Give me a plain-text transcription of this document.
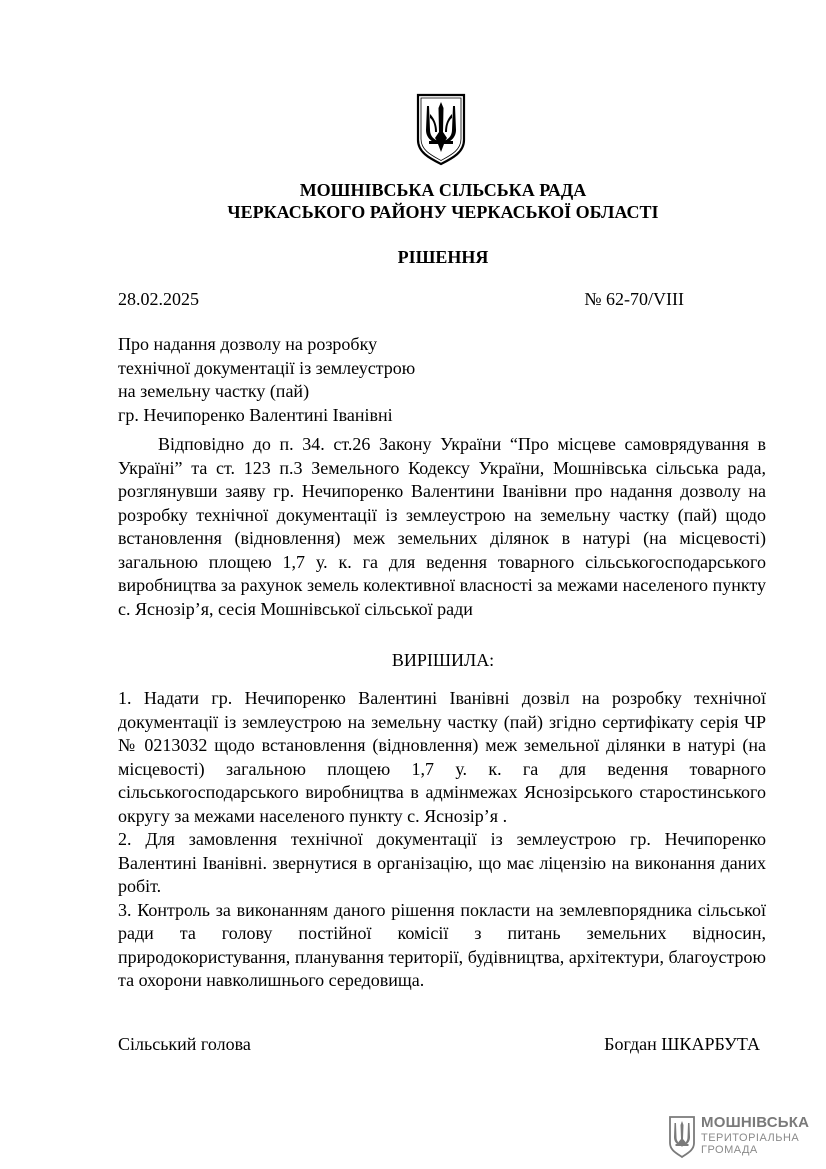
МОШНІВСЬКА СІЛЬСЬКА РАДА
ЧЕРКАСЬКОГО РАЙОНУ ЧЕРКАСЬКОЇ ОБЛАСТІ
РІШЕННЯ
28.02.2025	№ 62-70/VIII
Про надання дозволу на розробку
технічної документації із землеустрою
на земельну частку (пай)
гр. Нечипоренко Валентині Іванівні
Відповідно до п. 34. ст.26 Закону України “Про місцеве самоврядування в Україні” та ст. 123 п.3 Земельного Кодексу України, Мошнівська сільська рада, розглянувши заяву гр. Нечипоренко Валентини Іванівни про надання дозволу на розробку технічної документації із землеустрою на земельну частку (пай) щодо встановлення (відновлення) меж земельних ділянок в натурі (на місцевості) загальною площею 1,7 у. к. га для ведення товарного сільськогосподарського виробництва за рахунок земель колективної власності за межами населеного пункту с. Яснозір’я, сесія Мошнівської сільської ради
ВИРІШИЛА:

1. Надати гр. Нечипоренко Валентині Іванівні дозвіл на розробку технічної документації із землеустрою на земельну частку (пай) згідно сертифікату серія ЧР № 0213032 щодо встановлення (відновлення) меж земельної ділянки в натурі (на місцевості) загальною площею 1,7 у. к. га для ведення товарного сільськогосподарського виробництва в адмінмежах Яснозірського старостинського округу за межами населеного пункту с. Яснозір’я .

2. Для замовлення технічної документації із землеустрою гр. Нечипоренко Валентині Іванівні. звернутися в організацію, що має ліцензію на виконання даних робіт.

3. Контроль за виконанням даного рішення покласти на землевпорядника сільської ради та голову постійної комісії з питань земельних відносин, природокористування, планування території, будівництва, архітектури, благоустрою та охорони навколишнього середовища.

Сільський голова	Богдан ШКАРБУТА
МОШНІВСЬКА
ТЕРИТОРІАЛЬНА
ГРОМАДА
